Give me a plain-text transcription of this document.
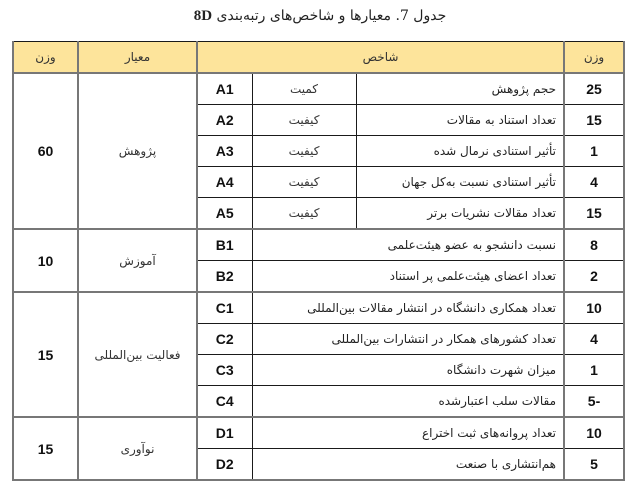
جدول 7. معیارها و شاخص‌های رتبه‌بندی 8D
وزن	معیار	شاخص			وزن
60	پژوهش	A1	کمیت	حجم پژوهش	25
		A2	کیفیت	تعداد استناد به مقالات	15
		A3	کیفیت	تأثیر استنادی نرمال شده	1
		A4	کیفیت	تأثیر استنادی نسبت به‌کل جهان	4
		A5	کیفیت	تعداد مقالات نشریات برتر	15
10	آموزش	B1	نسبت دانشجو به عضو هیئت‌علمی		8
		B2	تعداد اعضای هیئت‌علمی پر استناد		2
15	فعالیت بین‌المللی	C1	تعداد همکاری دانشگاه در انتشار مقالات بین‌المللی		10
		C2	تعداد کشورهای همکار در انتشارات بین‌المللی		4
		C3	میزان شهرت دانشگاه		1
		C4	مقالات سلب اعتبارشده		5-
15	نوآوری	D1	تعداد پروانه‌های ثبت اختراع		10
		D2	هم‌انتشاری با صنعت		5
